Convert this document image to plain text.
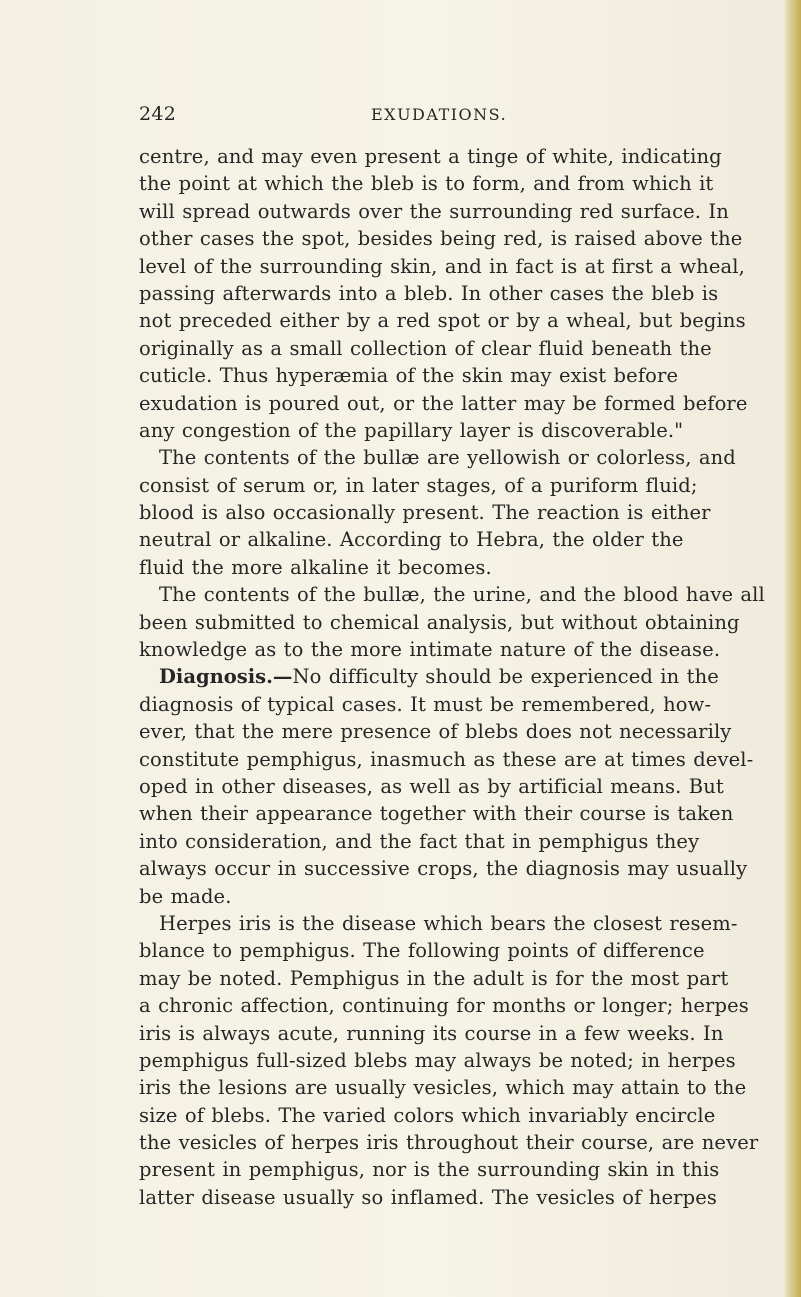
242	EXUDATIONS.
centre, and may even present a tinge of white, indicating
the point at which the bleb is to form, and from which it
will spread outwards over the surrounding red surface. In
other cases the spot, besides being red, is raised above the
level of the surrounding skin, and in fact is at first a wheal,
passing afterwards into a bleb. In other cases the bleb is
not preceded either by a red spot or by a wheal, but begins
originally as a small collection of clear fluid beneath the
cuticle. Thus hyperæmia of the skin may exist before
exudation is poured out, or the latter may be formed before
any congestion of the papillary layer is discoverable."
The contents of the bullæ are yellowish or colorless, and
consist of serum or, in later stages, of a puriform fluid;
blood is also occasionally present. The reaction is either
neutral or alkaline. According to Hebra, the older the
fluid the more alkaline it becomes.
The contents of the bullæ, the urine, and the blood have all
been submitted to chemical analysis, but without obtaining
knowledge as to the more intimate nature of the disease.
Diagnosis.—No difficulty should be experienced in the
diagnosis of typical cases. It must be remembered, how-
ever, that the mere presence of blebs does not necessarily
constitute pemphigus, inasmuch as these are at times devel-
oped in other diseases, as well as by artificial means. But
when their appearance together with their course is taken
into consideration, and the fact that in pemphigus they
always occur in successive crops, the diagnosis may usually
be made.
Herpes iris is the disease which bears the closest resem-
blance to pemphigus. The following points of difference
may be noted. Pemphigus in the adult is for the most part
a chronic affection, continuing for months or longer; herpes
iris is always acute, running its course in a few weeks. In
pemphigus full-sized blebs may always be noted; in herpes
iris the lesions are usually vesicles, which may attain to the
size of blebs. The varied colors which invariably encircle
the vesicles of herpes iris throughout their course, are never
present in pemphigus, nor is the surrounding skin in this
latter disease usually so inflamed. The vesicles of herpes
